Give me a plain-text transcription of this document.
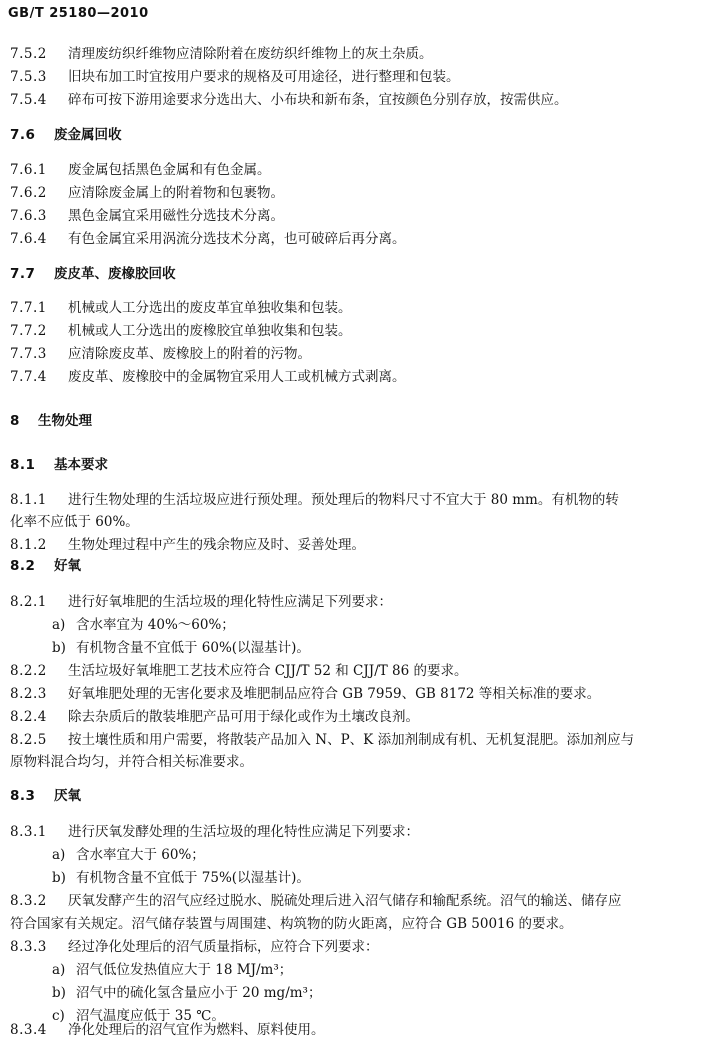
GB/T 25180—2010
7.5.2 清理废纺织纤维物应清除附着在废纺织纤维物上的灰土杂质。
7.5.3 旧块布加工时宜按用户要求的规格及可用途径，进行整理和包装。
7.5.4 碎布可按下游用途要求分选出大、小布块和新布条，宜按颜色分别存放，按需供应。
7.6 废金属回收
7.6.1 废金属包括黑色金属和有色金属。
7.6.2 应清除废金属上的附着物和包裹物。
7.6.3 黑色金属宜采用磁性分选技术分离。
7.6.4 有色金属宜采用涡流分选技术分离，也可破碎后再分离。
7.7 废皮革、废橡胶回收
7.7.1 机械或人工分选出的废皮革宜单独收集和包装。
7.7.2 机械或人工分选出的废橡胶宜单独收集和包装。
7.7.3 应清除废皮革、废橡胶上的附着的污物。
7.7.4 废皮革、废橡胶中的金属物宜采用人工或机械方式剥离。
8 生物处理
8.1 基本要求
8.1.1 进行生物处理的生活垃圾应进行预处理。预处理后的物料尺寸不宜大于 80 mm。有机物的转
化率不应低于 60%。
8.1.2 生物处理过程中产生的残余物应及时、妥善处理。
8.2 好氧
8.2.1 进行好氧堆肥的生活垃圾的理化特性应满足下列要求：
a) 含水率宜为 40%～60%；
b) 有机物含量不宜低于 60%(以湿基计)。
8.2.2 生活垃圾好氧堆肥工艺技术应符合 CJJ/T 52 和 CJJ/T 86 的要求。
8.2.3 好氧堆肥处理的无害化要求及堆肥制品应符合 GB 7959、GB 8172 等相关标准的要求。
8.2.4 除去杂质后的散装堆肥产品可用于绿化或作为土壤改良剂。
8.2.5 按土壤性质和用户需要，将散装产品加入 N、P、K 添加剂制成有机、无机复混肥。添加剂应与
原物料混合均匀，并符合相关标准要求。
8.3 厌氧
8.3.1 进行厌氧发酵处理的生活垃圾的理化特性应满足下列要求：
a) 含水率宜大于 60%；
b) 有机物含量不宜低于 75%(以湿基计)。
8.3.2 厌氧发酵产生的沼气应经过脱水、脱硫处理后进入沼气储存和输配系统。沼气的输送、储存应
符合国家有关规定。沼气储存装置与周围建、构筑物的防火距离，应符合 GB 50016 的要求。
8.3.3 经过净化处理后的沼气质量指标，应符合下列要求：
a) 沼气低位发热值应大于 18 MJ/m³；
b) 沼气中的硫化氢含量应小于 20 mg/m³；
c) 沼气温度应低于 35 ℃。
8.3.4 净化处理后的沼气宜作为燃料、原料使用。
